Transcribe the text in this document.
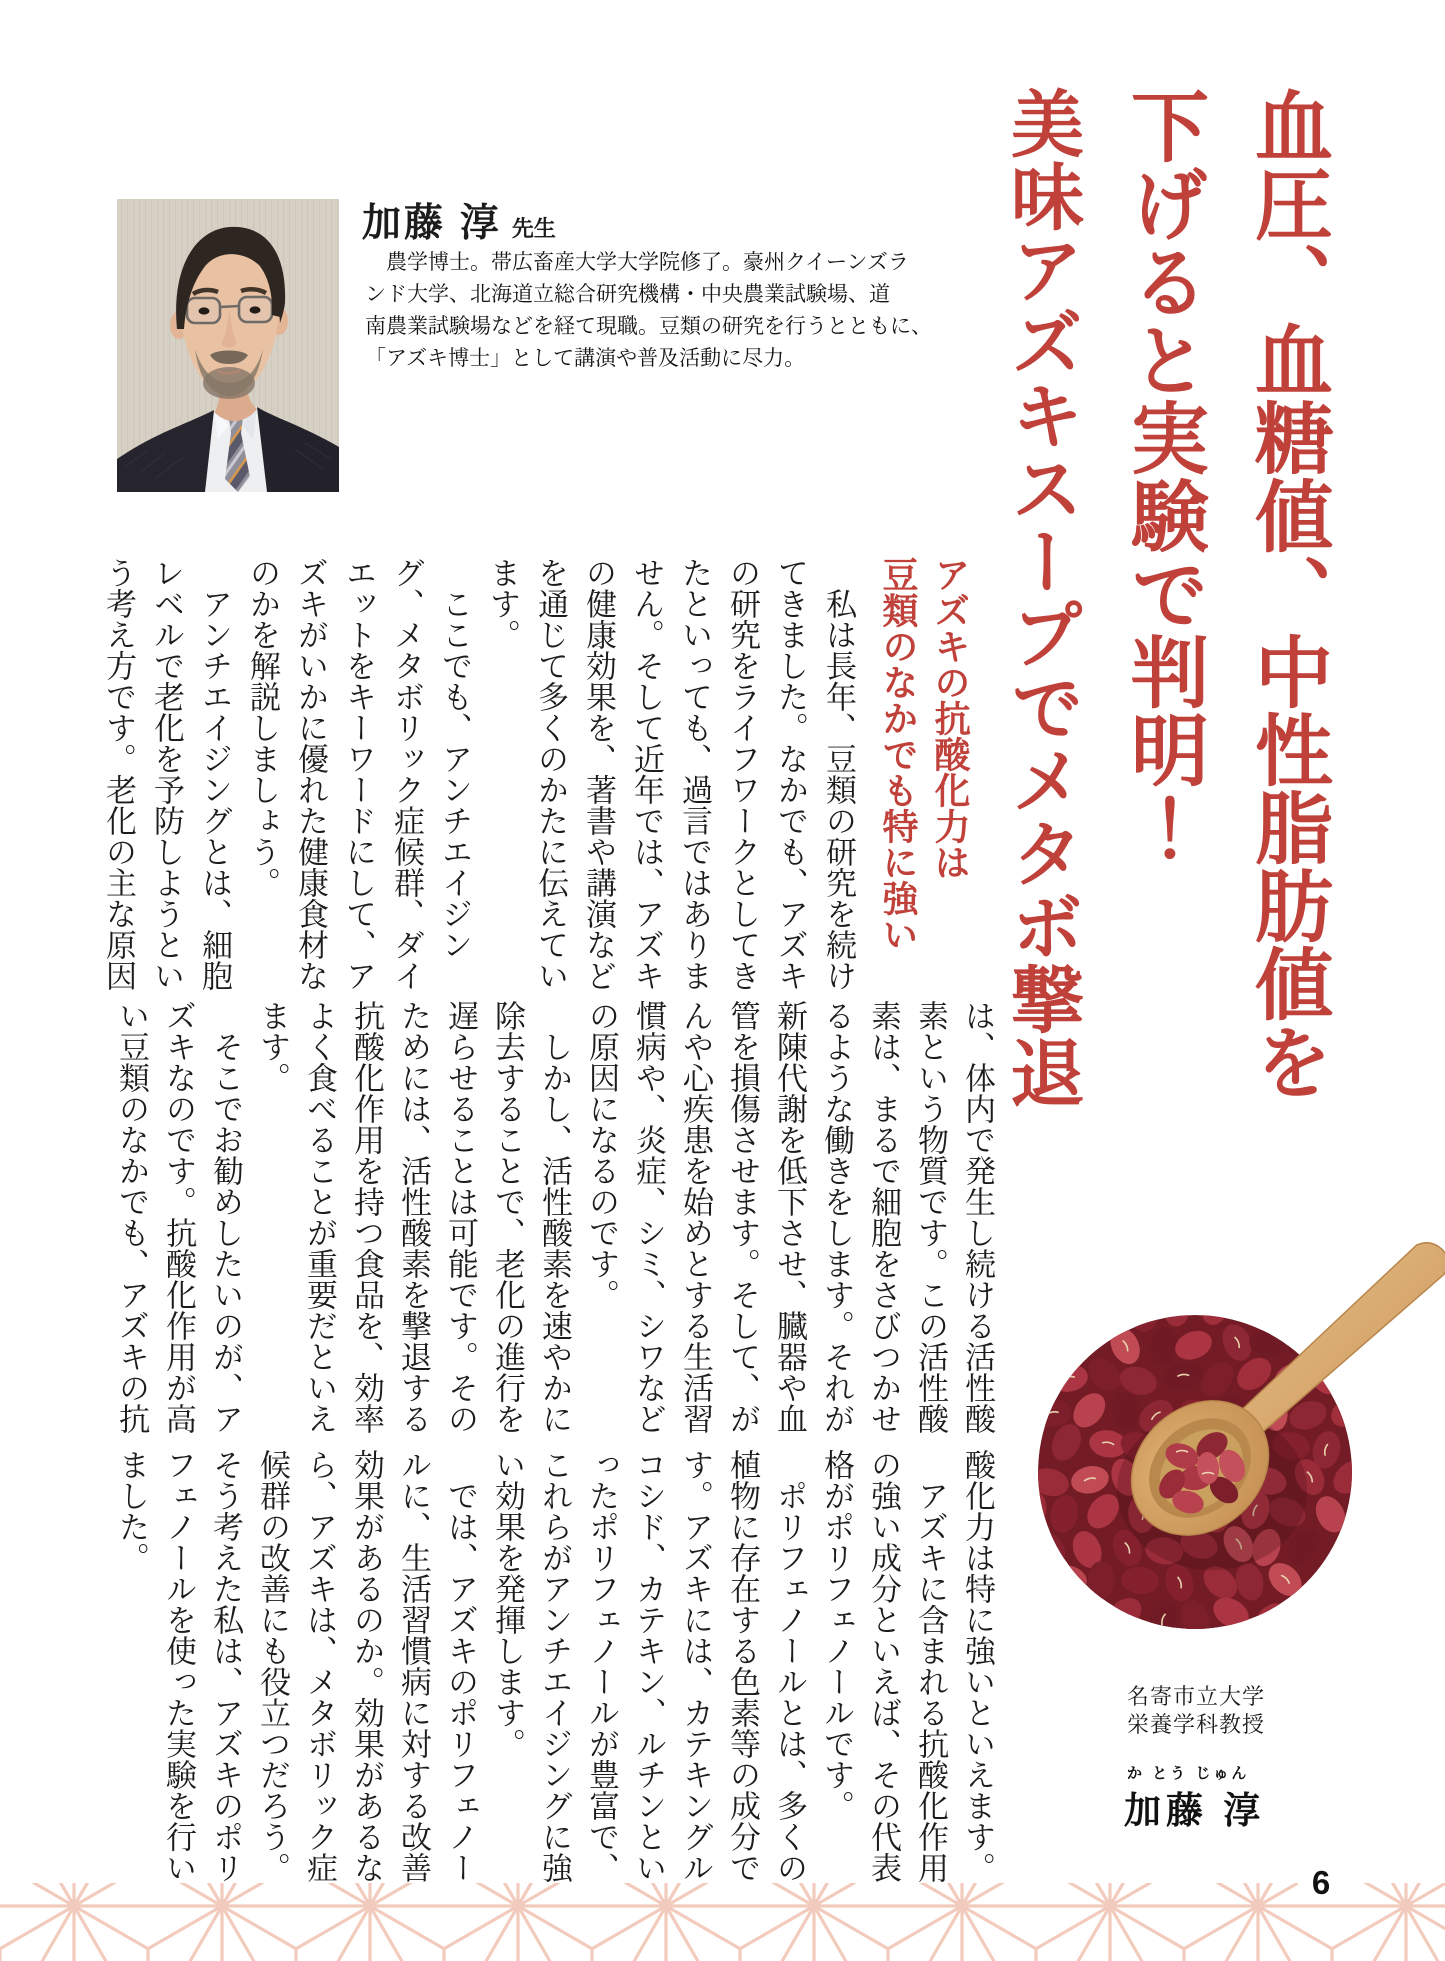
加藤 淳 先生
　農学博士。帯広畜産大学大学院修了。豪州クイーンズラ
ンド大学、北海道立総合研究機構・中央農業試験場、道
南農業試験場などを経て現職。豆類の研究を行うとともに、
「アズキ博士」として講演や普及活動に尽力。	血圧、血糖値、中性脂肪値を
下げると実験で判明！
美味アズキスープでメタボ撃退
アズキの抗酸化力は
豆類のなかでも特に強い

私は長年、豆類の研究を続けてきました。なかでも、アズキの研究をライフワークとしてきたといっても、過言ではありません。そして近年では、アズキの健康効果を、著書や講演などを通じて多くのかたに伝えています。

ここでも、アンチエイジング、メタボリック症候群、ダイエットをキーワードにして、アズキがいかに優れた健康食材なのかを解説しましょう。

アンチエイジングとは、細胞レベルで老化を予防しようという考え方です。老化の主な原因

は、体内で発生し続ける活性酸素という物質です。この活性酸素は、まるで細胞をさびつかせるような働きをします。それが新陳代謝を低下させ、臓器や血管を損傷させます。そして、がんや心疾患を始めとする生活習慣病や、炎症、シミ、シワなどの原因になるのです。

しかし、活性酸素を速やかに除去することで、老化の進行を遅らせることは可能です。そのためには、活性酸素を撃退する抗酸化作用を持つ食品を、効率よく食べることが重要だといえます。

そこでお勧めしたいのが、アズキなのです。抗酸化作用が高い豆類のなかでも、アズキの抗

酸化力は特に強いといえます。

アズキに含まれる抗酸化作用の強い成分といえば、その代表格がポリフェノールです。

ポリフェノールとは、多くの植物に存在する色素等の成分です。アズキには、カテキングルコシド、カテキン、ルチンといったポリフェノールが豊富で、これらがアンチエイジングに強い効果を発揮します。

では、アズキのポリフェノールに、生活習慣病に対する改善効果があるのか。効果があるなら、アズキは、メタボリック症候群の改善にも役立つだろう。そう考えた私は、アズキのポリフェノールを使った実験を行いました。

名寄市立大学
栄養学科教授
か とう じゅん
加藤 淳
6
